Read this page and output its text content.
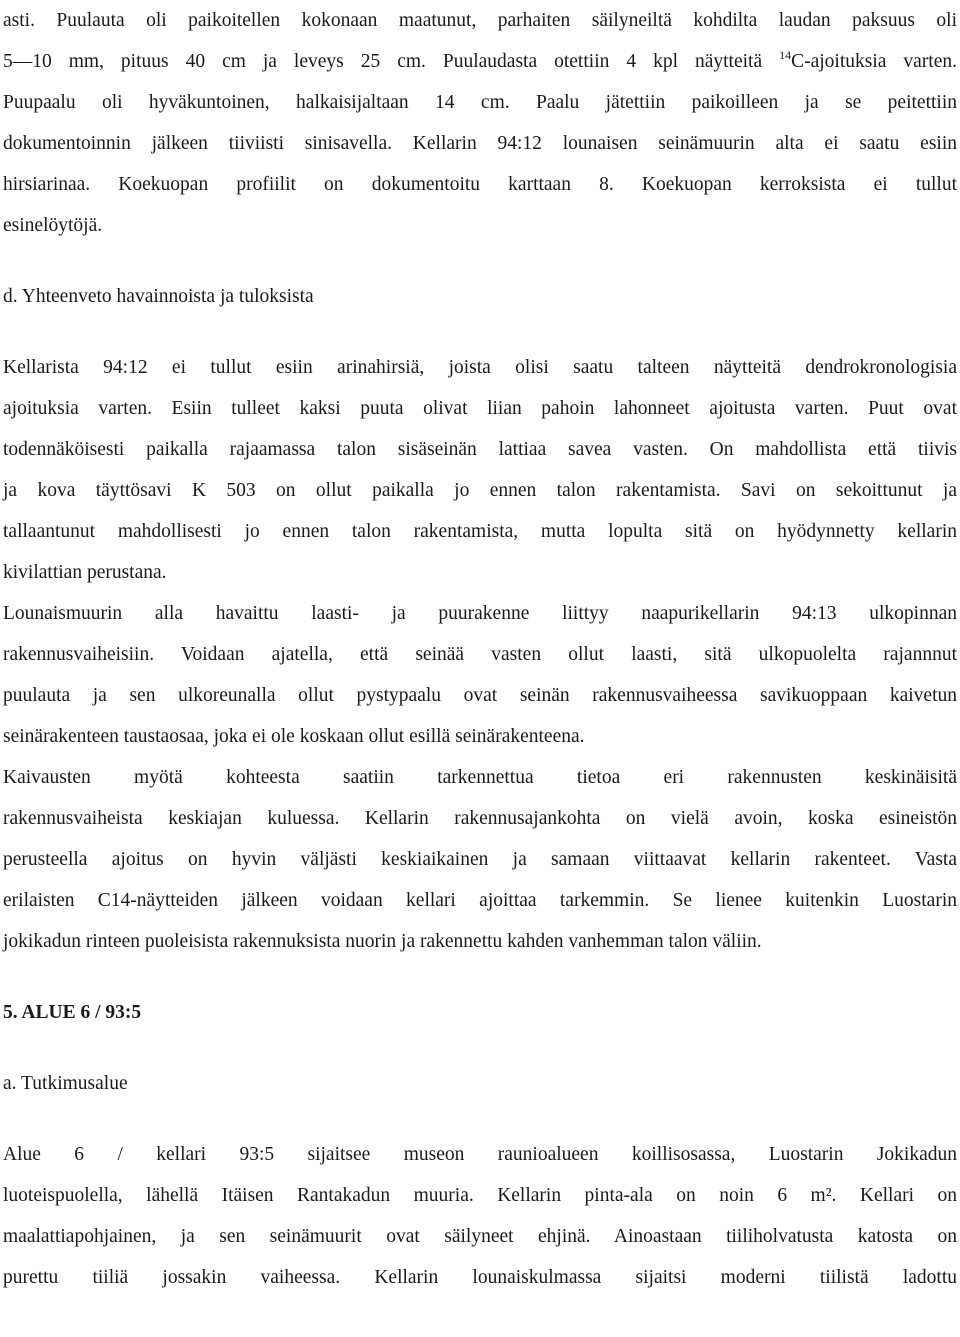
asti. Puulauta oli paikoitellen kokonaan maatunut, parhaiten säilyneiltä kohdilta laudan paksuus oli
5—10 mm, pituus 40 cm ja leveys 25 cm. Puulaudasta otettiin 4 kpl näytteitä $^{14}$C-ajoituksia varten.
Puupaalu oli hyväkuntoinen, halkaisijaltaan 14 cm. Paalu jätettiin paikoilleen ja se peitettiin
dokumentoinnin jälkeen tiiviisti sinisavella. Kellarin 94:12 lounaisen seinämuurin alta ei saatu esiin
hirsiarinaa. Koekuopan profiilit on dokumentoitu karttaan 8. Koekuopan kerroksista ei tullut
esinelöytöjä.
d. Yhteenveto havainnoista ja tuloksista
Kellarista 94:12 ei tullut esiin arinahirsiä, joista olisi saatu talteen näytteitä dendrokronologisia
ajoituksia varten. Esiin tulleet kaksi puuta olivat liian pahoin lahonneet ajoitusta varten. Puut ovat
todennäköisesti paikalla rajaamassa talon sisäseinän lattiaa savea vasten. On mahdollista että tiivis
ja kova täyttösavi K 503 on ollut paikalla jo ennen talon rakentamista. Savi on sekoittunut ja
tallaantunut mahdollisesti jo ennen talon rakentamista, mutta lopulta sitä on hyödynnetty kellarin
kivilattian perustana.
Lounaismuurin alla havaittu laasti- ja puurakenne liittyy naapurikellarin 94:13 ulkopinnan
rakennusvaiheisiin. Voidaan ajatella, että seinää vasten ollut laasti, sitä ulkopuolelta rajannnut
puulauta ja sen ulkoreunalla ollut pystypaalu ovat seinän rakennusvaiheessa savikuoppaan kaivetun
seinärakenteen taustaosaa, joka ei ole koskaan ollut esillä seinärakenteena.
Kaivausten myötä kohteesta saatiin tarkennettua tietoa eri rakennusten keskinäisitä
rakennusvaiheista keskiajan kuluessa. Kellarin rakennusajankohta on vielä avoin, koska esineistön
perusteella ajoitus on hyvin väljästi keskiaikainen ja samaan viittaavat kellarin rakenteet. Vasta
erilaisten C14-näytteiden jälkeen voidaan kellari ajoittaa tarkemmin. Se lienee kuitenkin Luostarin
jokikadun rinteen puoleisista rakennuksista nuorin ja rakennettu kahden vanhemman talon väliin.
5. ALUE 6 / 93:5
a. Tutkimusalue
Alue 6 / kellari 93:5 sijaitsee museon raunioalueen koillisosassa, Luostarin Jokikadun
luoteispuolella, lähellä Itäisen Rantakadun muuria. Kellarin pinta-ala on noin 6 m². Kellari on
maalattiapohjainen, ja sen seinämuurit ovat säilyneet ehjinä. Ainoastaan tiiliholvatusta katosta on
purettu tiiliä jossakin vaiheessa. Kellarin lounaiskulmassa sijaitsi moderni tiilistä ladottu
